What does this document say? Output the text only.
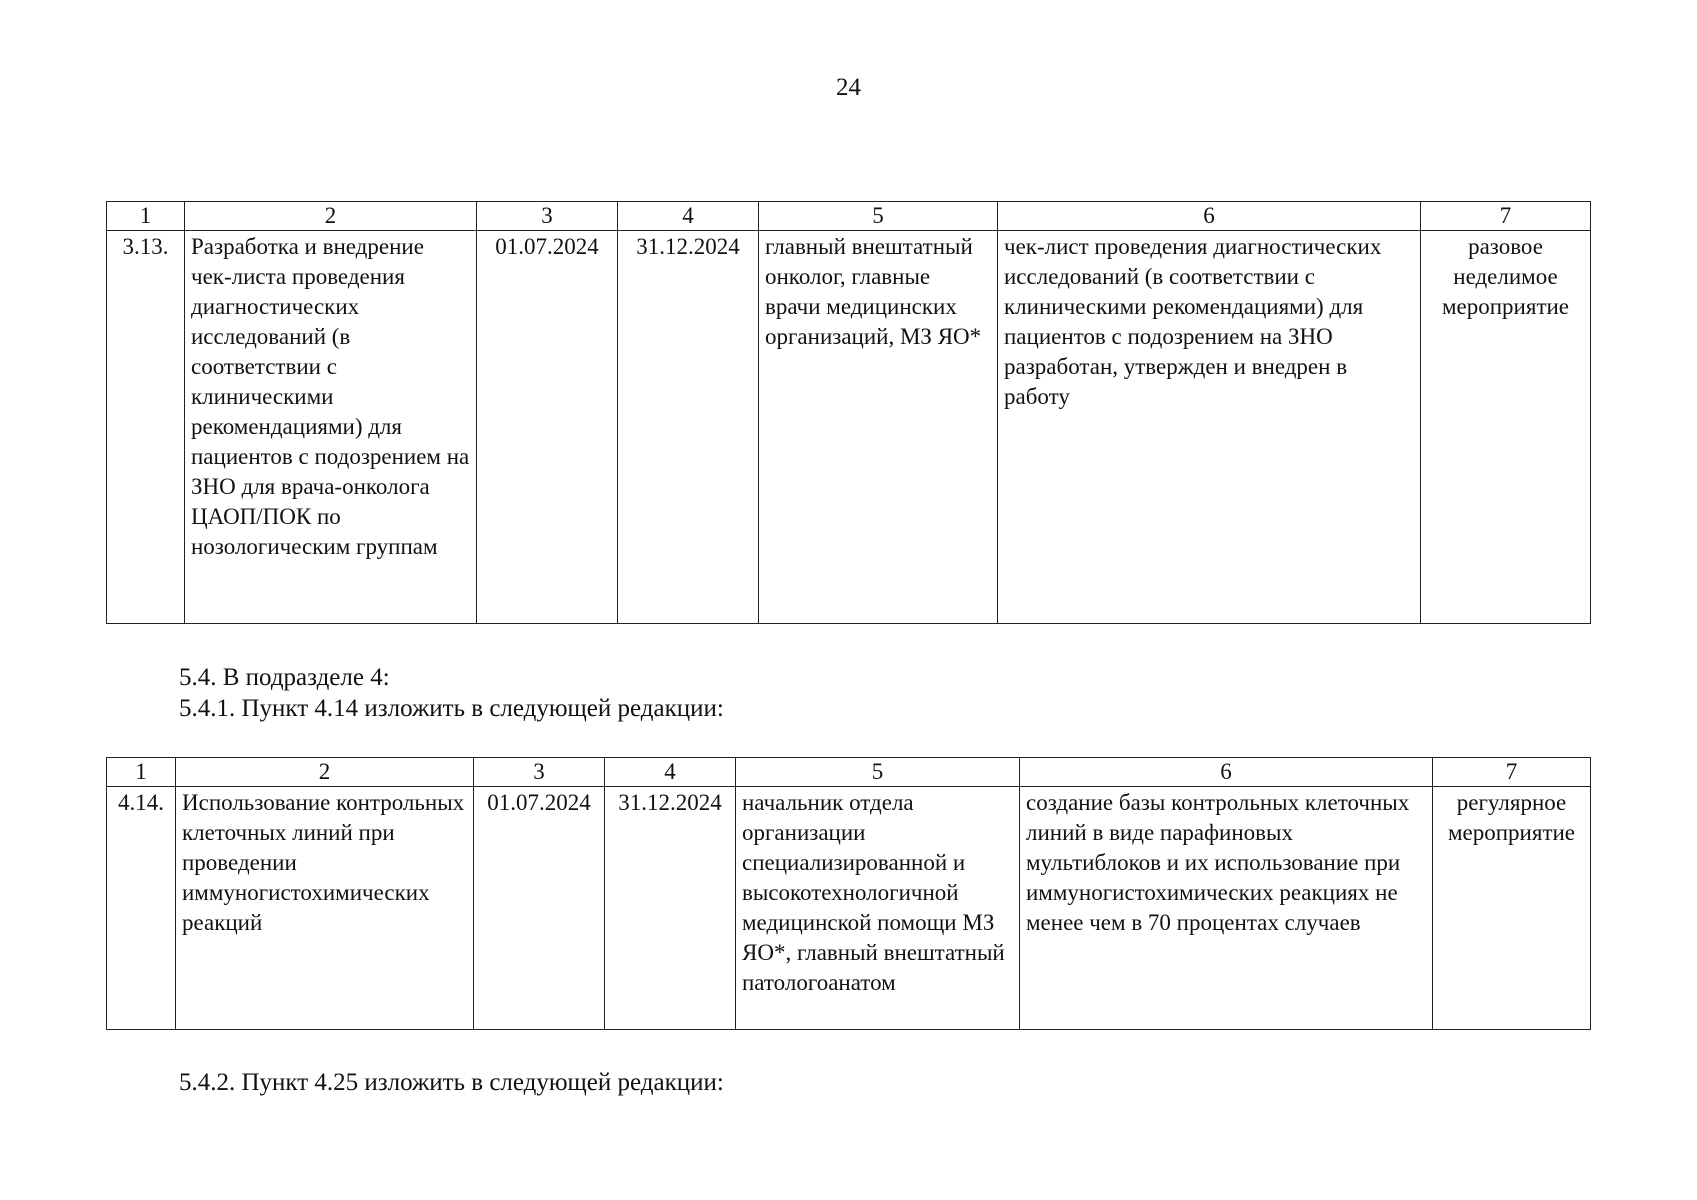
24
1	2	3	4	5	6	7
3.13.	Разработка и внедрение чек-листа проведения диагностических исследований (в соответствии с клиническими рекомендациями) для пациентов с подозрением на ЗНО для врача-онколога ЦАОП/ПОК по нозологическим группам	01.07.2024	31.12.2024	главный внештатный онколог, главные врачи медицинских организаций, МЗ ЯО*	чек-лист проведения диагностических исследований (в соответствии с клиническими рекомендациями) для пациентов с подозрением на ЗНО разработан, утвержден и внедрен в работу	разовое неделимое мероприятие
5.4. В подразделе 4:
5.4.1. Пункт 4.14 изложить в следующей редакции:
1	2	3	4	5	6	7
4.14.	Использование контрольных клеточных линий при проведении иммуногистохимических реакций	01.07.2024	31.12.2024	начальник отдела организации специализированной и высокотехнологичной медицинской помощи МЗ ЯО*, главный внештатный патологоанатом	создание базы контрольных клеточных линий в виде парафиновых мультиблоков и их использование при иммуногистохимических реакциях не менее чем в 70 процентах случаев	регулярное мероприятие
5.4.2. Пункт 4.25 изложить в следующей редакции:
